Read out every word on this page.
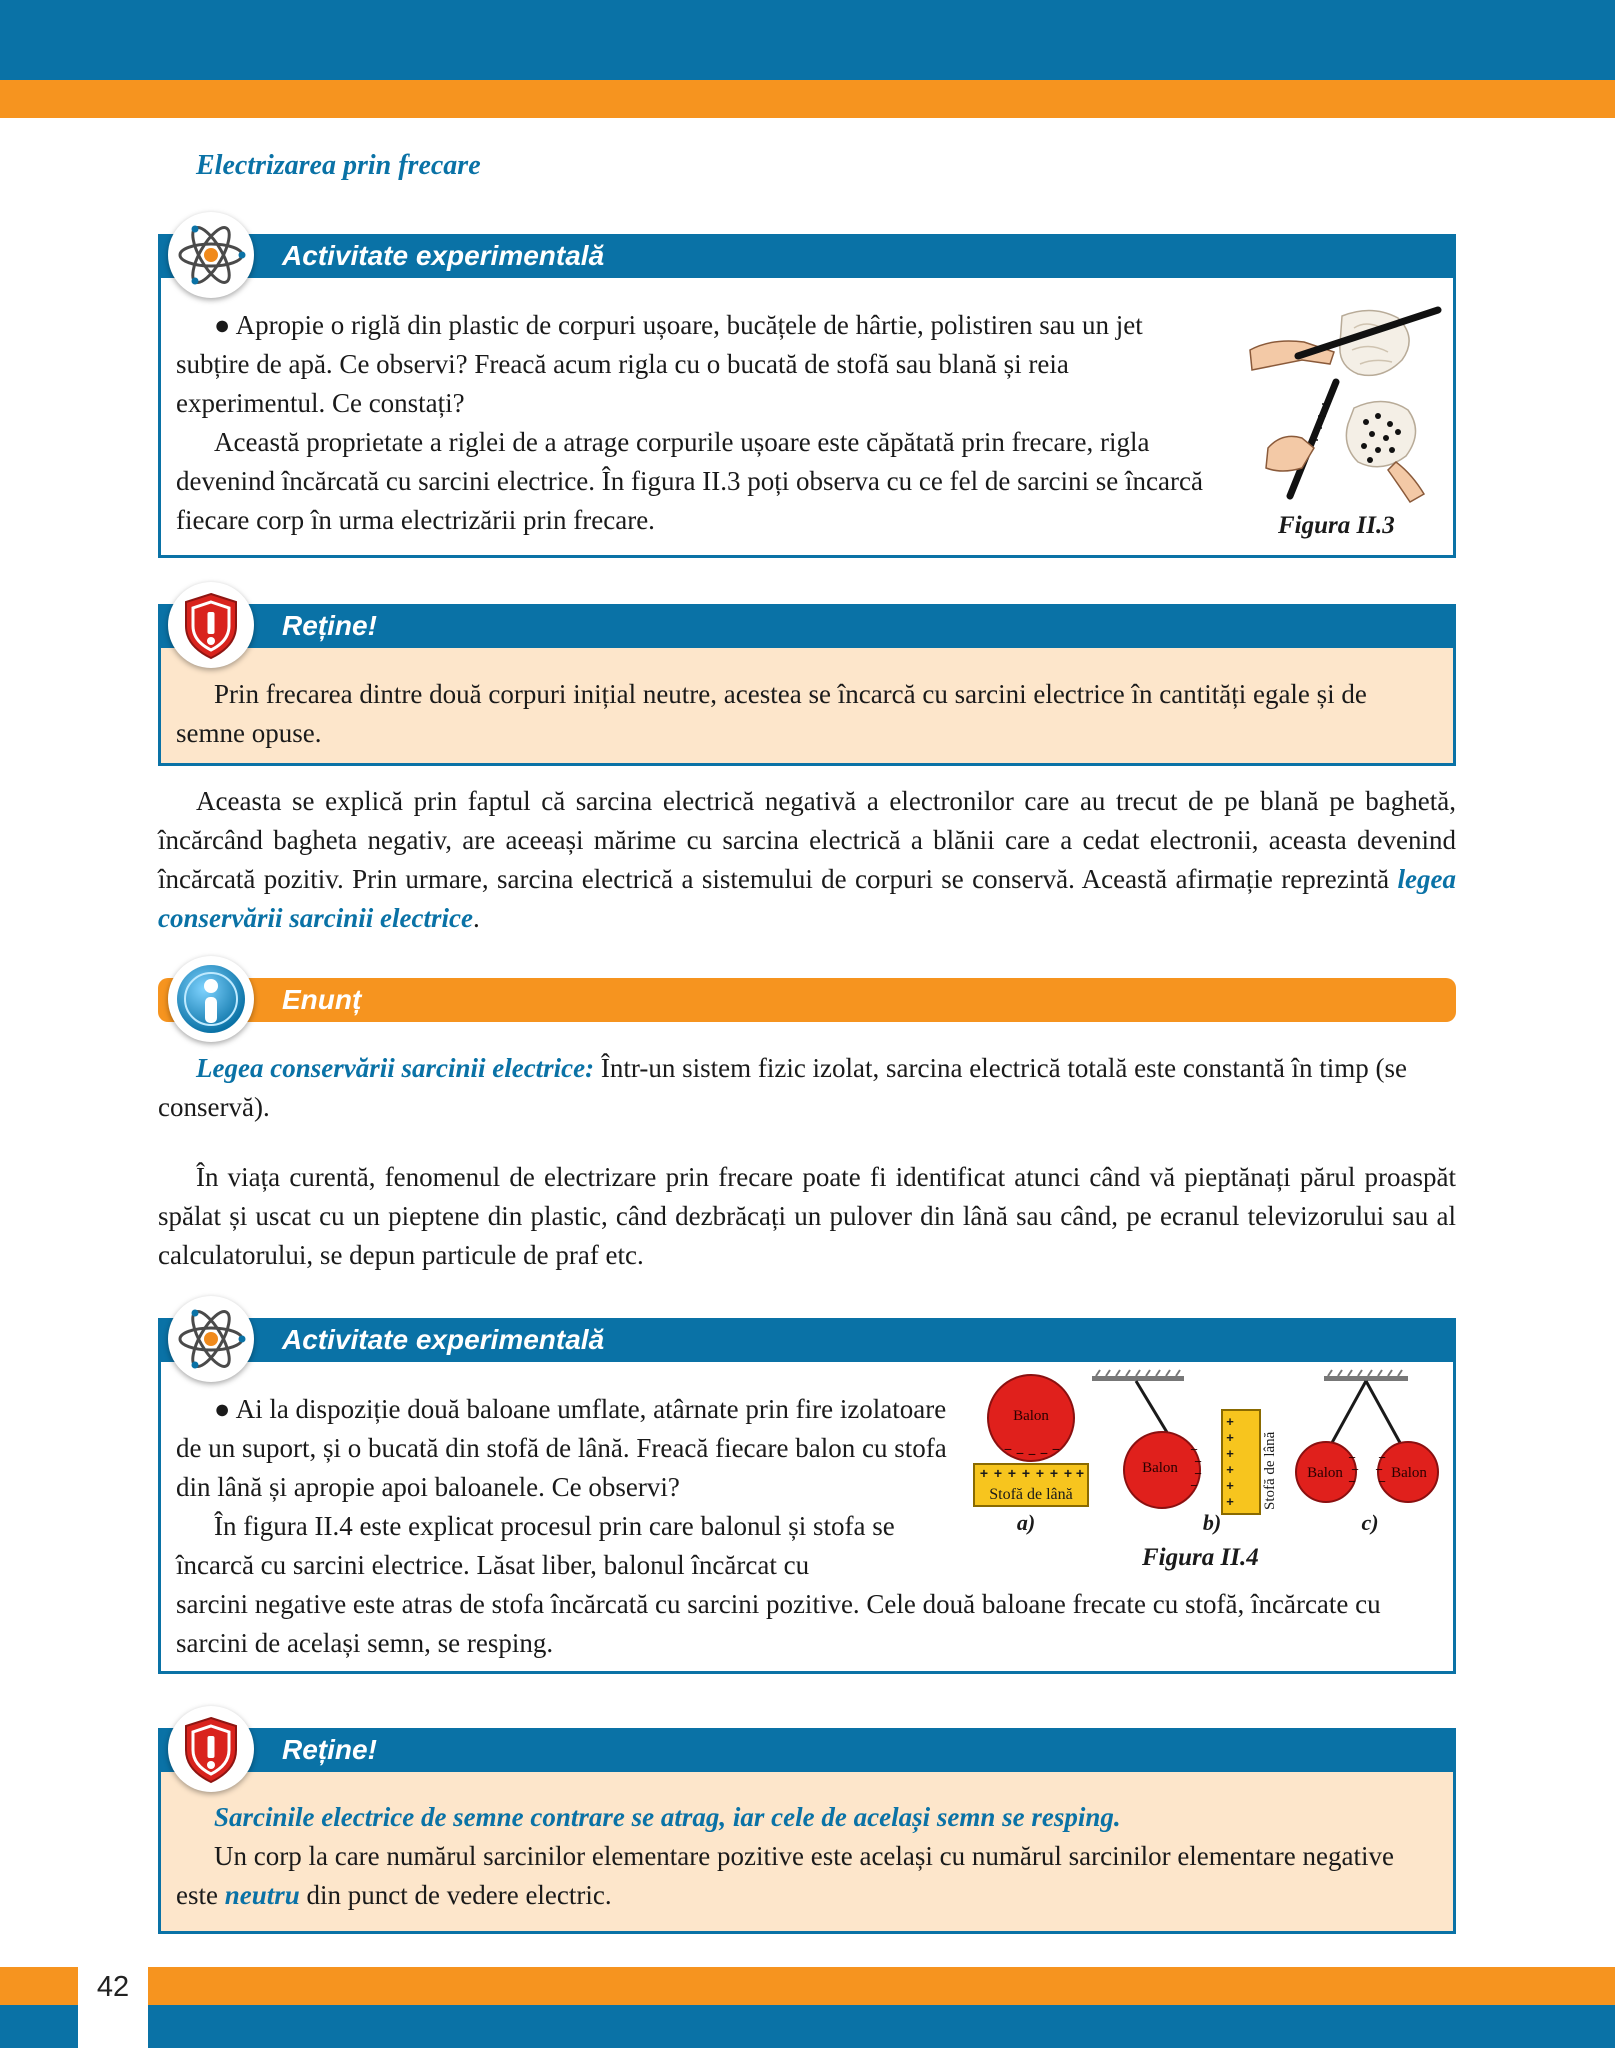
42
Electrizarea prin frecare
Activitate experimentală

● Apropie o riglă din plastic de corpuri ușoare, bucățele de hârtie, polistiren sau un jet subțire de apă. Ce observi? Freacă acum rigla cu o bucată de stofă sau blană și reia experimentul. Ce constați?

Această proprietate a riglei de a atrage corpurile ușoare este căpătată prin frecare, rigla devenind încărcată cu sarcini electrice. În figura II.3 poți observa cu ce fel de sarcini se încarcă fiecare corp în urma electrizării prin frecare.	Figura II.3
Reține!

Prin frecarea dintre două corpuri inițial neutre, acestea se încarcă cu sarcini electrice în cantități egale și de semne opuse.

Aceasta se explică prin faptul că sarcina electrică negativă a electronilor care au trecut de pe blană pe baghetă, încărcând bagheta negativ, are aceeași mărime cu sarcina electrică a blănii care a cedat electronii, aceasta devenind încărcată pozitiv. Prin urmare, sarcina electrică a sistemului de corpuri se conservă. Această afirmație reprezintă legea conservării sarcinii electrice.

Enunț

Legea conservării sarcinii electrice: Într-un sistem fizic izolat, sarcina electrică totală este constantă în timp (se conservă).

În viața curentă, fenomenul de electrizare prin frecare poate fi identificat atunci când vă pieptănați părul proaspăt spălat și uscat cu un pieptene din plastic, când dezbrăcați un pulover din lână sau când, pe ecranul televizorului sau al calculatorului, se depun particule de praf etc.

Activitate experimentală

● Ai la dispoziție două baloane umflate, atârnate prin fire izolatoare de un suport, și o bucată din stofă de lână. Freacă fiecare balon cu stofa din lână și apropie apoi baloanele. Ce observi?

În figura II.4 este explicat procesul prin care balonul și stofa se încarcă cu sarcini electrice. Lăsat liber, balonul încărcat cu

sarcini negative este atras de stofa încărcată cu sarcini pozitive. Cele două baloane frecate cu stofă, încărcate cu sarcini de același semn, se resping.

Balon
− − − − −
+ + + + + + + +
Stofă de lână
a)
Balon
−
−
−
−
+
+
+
+
+
+ Stofă de lână
b)
Balon	Balon
−
−
−
−
−
−
c)
Figura II.4
Reține!

Sarcinile electrice de semne contrare se atrag, iar cele de același semn se resping.

Un corp la care numărul sarcinilor elementare pozitive este același cu numărul sarcinilor elementare negative este neutru din punct de vedere electric.
